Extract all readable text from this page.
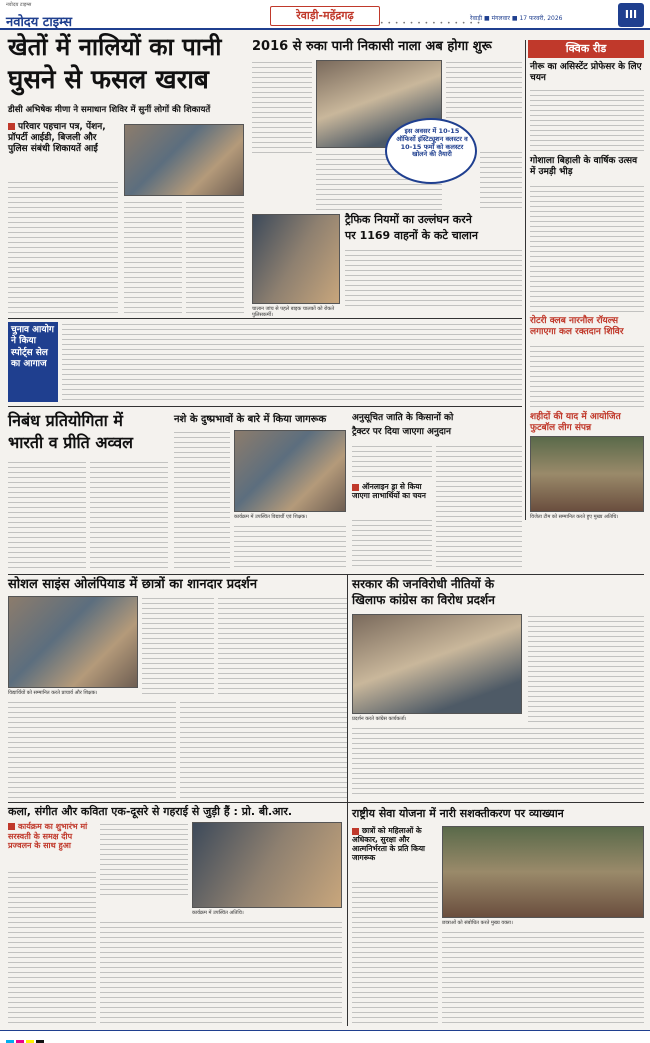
नवोदय टाइम्स
नवोदय टाइम्स	रेवाड़ी-महेंद्रगढ़
• • • • • • • • • • • • • •
रेवाड़ी ■ मंगलवार ■ 17 फरवरी, 2026	III
खेतों में नालियों का पानी
घुसने से फसल खराब
डीसी अभिषेक मीणा ने समाधान शिविर में सुनीं लोगों की शिकायतें
परिवार पहचान पत्र, पेंशन, प्रॉपर्टी आईडी, बिजली और पुलिस संबंधी शिकायतें आईं
2016 से रुका पानी निकासी नाला अब होगा शुरू
इस अवसर में 10-15 ऑफिसों इंस्टिट्यूशन क्लस्टर व 10-15 फर्मों को कलस्टर खोलने की तैयारी
ट्रैफिक नियमों का उल्लंघन करने
पर 1169 वाहनों के कटे चालान
चालान जांच से पहले बाइक चालकों को रोकते पुलिसकर्मी।
चुनाव आयोग ने किया स्पोर्ट्स सेल का आगाज
क्विक रीड
नीरू का असिस्टेंट प्रोफेसर के लिए चयन
गोशाला बिहाली के वार्षिक उत्सव में उमड़ी भीड़
रोटरी क्लब नारनौल रॉयल्स लगाएगा कल रक्तदान शिविर
शहीदों की याद में आयोजित फुटबॉल लीग संपन्न
विजेता टीम को सम्मानित करते हुए मुख्य अतिथि।
निबंध प्रतियोगिता में
भारती व प्रीति अव्वल
नशे के दुष्प्रभावों के बारे में किया जागरूक
कार्यक्रम में उपस्थित विद्यार्थी एवं शिक्षक।
अनुसूचित जाति के किसानों को
ट्रैक्टर पर दिया जाएगा अनुदान
ऑनलाइन ड्रा से किया जाएगा लाभार्थियों का चयन
सोशल साइंस ओलंपियाड में छात्रों का शानदार प्रदर्शन
विद्यार्थियों को सम्मानित करते प्राचार्य और शिक्षक।
सरकार की जनविरोधी नीतियों के
खिलाफ कांग्रेस का विरोध प्रदर्शन
प्रदर्शन करते कांग्रेस कार्यकर्ता।
कला, संगीत और कविता एक-दूसरे से गहराई से जुड़ी हैं : प्रो. बी.आर.
कार्यक्रम का शुभारंभ मां सरस्वती के समक्ष दीप प्रज्वलन के साथ हुआ
कार्यक्रम में उपस्थित अतिथि।
राष्ट्रीय सेवा योजना में नारी सशक्तीकरण पर व्याख्यान
छात्रों को महिलाओं के अधिकार, सुरक्षा और आत्मनिर्भरता के प्रति किया जागरूक
छात्राओं को संबोधित करते मुख्य वक्ता।
